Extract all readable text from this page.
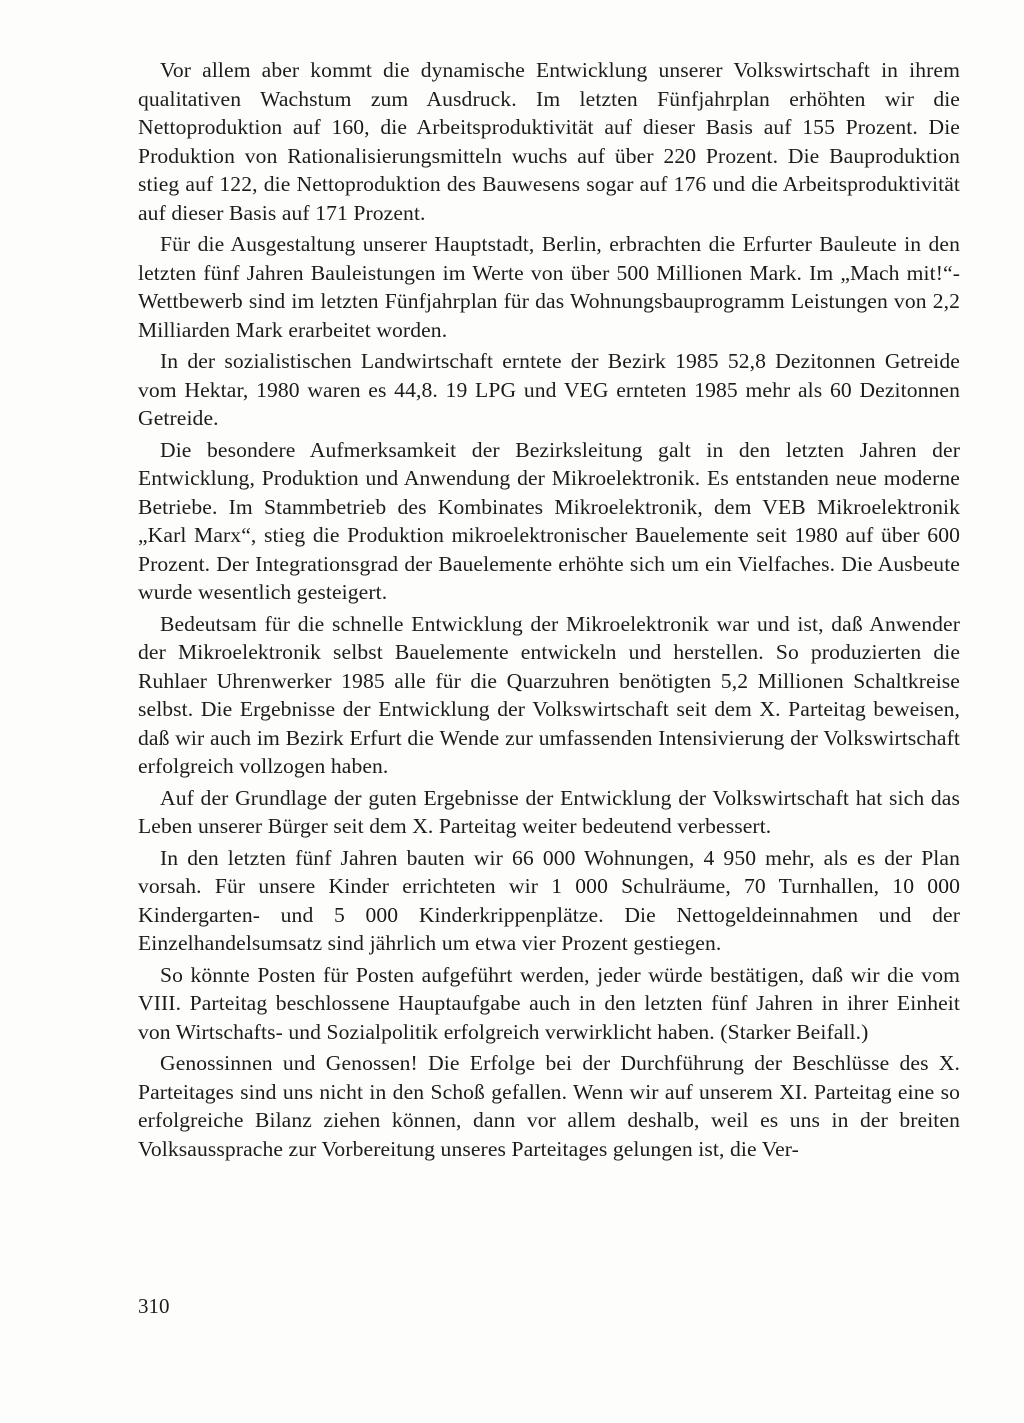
Vor allem aber kommt die dynamische Entwicklung unserer Volkswirtschaft in ihrem qualitativen Wachstum zum Ausdruck. Im letzten Fünfjahrplan erhöhten wir die Nettoproduktion auf 160, die Arbeitsproduktivität auf dieser Basis auf 155 Prozent. Die Produktion von Rationalisierungsmitteln wuchs auf über 220 Prozent. Die Bauproduktion stieg auf 122, die Nettoproduktion des Bauwesens sogar auf 176 und die Arbeitsproduktivität auf dieser Basis auf 171 Prozent.

Für die Ausgestaltung unserer Hauptstadt, Berlin, erbrachten die Erfurter Bauleute in den letzten fünf Jahren Bauleistungen im Werte von über 500 Millionen Mark. Im „Mach mit!“-Wettbewerb sind im letzten Fünfjahrplan für das Wohnungsbauprogramm Leistungen von 2,2 Milliarden Mark erarbeitet worden.

In der sozialistischen Landwirtschaft erntete der Bezirk 1985 52,8 Dezitonnen Getreide vom Hektar, 1980 waren es 44,8. 19 LPG und VEG ernteten 1985 mehr als 60 Dezitonnen Getreide.

Die besondere Aufmerksamkeit der Bezirksleitung galt in den letzten Jahren der Entwicklung, Produktion und Anwendung der Mikroelektronik. Es entstanden neue moderne Betriebe. Im Stammbetrieb des Kombinates Mikroelektronik, dem VEB Mikroelektronik „Karl Marx“, stieg die Produktion mikroelektronischer Bauelemente seit 1980 auf über 600 Prozent. Der Integrationsgrad der Bauelemente erhöhte sich um ein Vielfaches. Die Ausbeute wurde wesentlich gesteigert.

Bedeutsam für die schnelle Entwicklung der Mikroelektronik war und ist, daß Anwender der Mikroelektronik selbst Bauelemente entwickeln und herstellen. So produzierten die Ruhlaer Uhrenwerker 1985 alle für die Quarzuhren benötigten 5,2 Millionen Schaltkreise selbst. Die Ergebnisse der Entwicklung der Volkswirtschaft seit dem X. Parteitag beweisen, daß wir auch im Bezirk Erfurt die Wende zur umfassenden Intensivierung der Volkswirtschaft erfolgreich vollzogen haben.

Auf der Grundlage der guten Ergebnisse der Entwicklung der Volkswirtschaft hat sich das Leben unserer Bürger seit dem X. Parteitag weiter bedeutend verbessert.

In den letzten fünf Jahren bauten wir 66 000 Wohnungen, 4 950 mehr, als es der Plan vorsah. Für unsere Kinder errichteten wir 1 000 Schulräume, 70 Turnhallen, 10 000 Kindergarten- und 5 000 Kinderkrippenplätze. Die Nettogeldeinnahmen und der Einzelhandelsumsatz sind jährlich um etwa vier Prozent gestiegen.

So könnte Posten für Posten aufgeführt werden, jeder würde bestätigen, daß wir die vom VIII. Parteitag beschlossene Hauptaufgabe auch in den letzten fünf Jahren in ihrer Einheit von Wirtschafts- und Sozialpolitik erfolgreich verwirklicht haben. (Starker Beifall.)

Genossinnen und Genossen! Die Erfolge bei der Durchführung der Beschlüsse des X. Parteitages sind uns nicht in den Schoß gefallen. Wenn wir auf unserem XI. Parteitag eine so erfolgreiche Bilanz ziehen können, dann vor allem deshalb, weil es uns in der breiten Volksaussprache zur Vorbereitung unseres Parteitages gelungen ist, die Ver-

310
